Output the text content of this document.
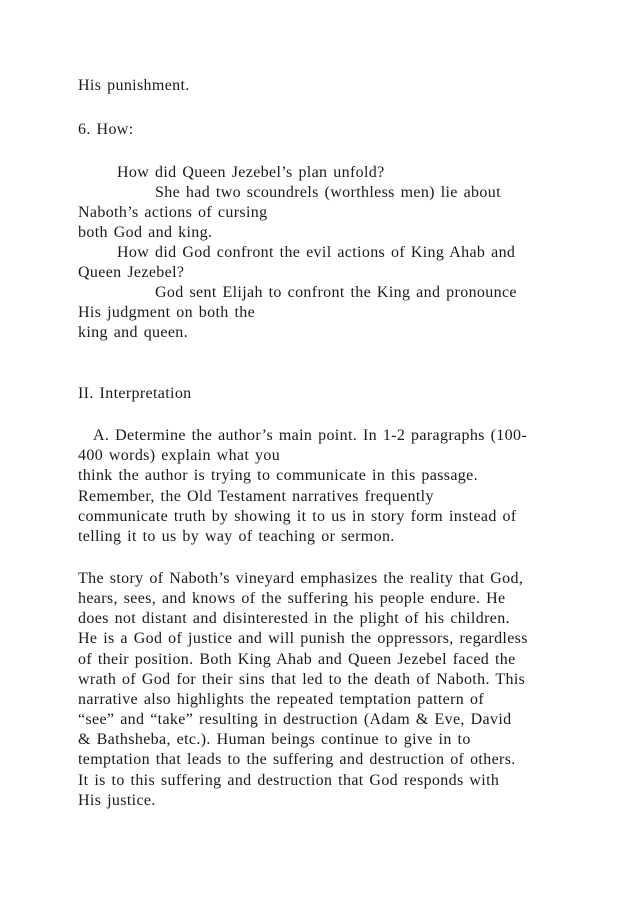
His punishment.
6. How:
How did Queen Jezebel’s plan unfold?
She had two scoundrels (worthless men) lie about
Naboth’s actions of cursing
both God and king.
How did God confront the evil actions of King Ahab and
Queen Jezebel?
God sent Elijah to confront the King and pronounce
His judgment on both the
king and queen.
II. Interpretation
A. Determine the author’s main point. In 1-2 paragraphs (100-
400 words) explain what you
think the author is trying to communicate in this passage.
Remember, the Old Testament narratives frequently
communicate truth by showing it to us in story form instead of
telling it to us by way of teaching or sermon.
The story of Naboth’s vineyard emphasizes the reality that God,
hears, sees, and knows of the suffering his people endure. He
does not distant and disinterested in the plight of his children.
He is a God of justice and will punish the oppressors, regardless
of their position. Both King Ahab and Queen Jezebel faced the
wrath of God for their sins that led to the death of Naboth. This
narrative also highlights the repeated temptation pattern of
“see” and “take” resulting in destruction (Adam & Eve, David
& Bathsheba, etc.). Human beings continue to give in to
temptation that leads to the suffering and destruction of others.
It is to this suffering and destruction that God responds with
His justice.
